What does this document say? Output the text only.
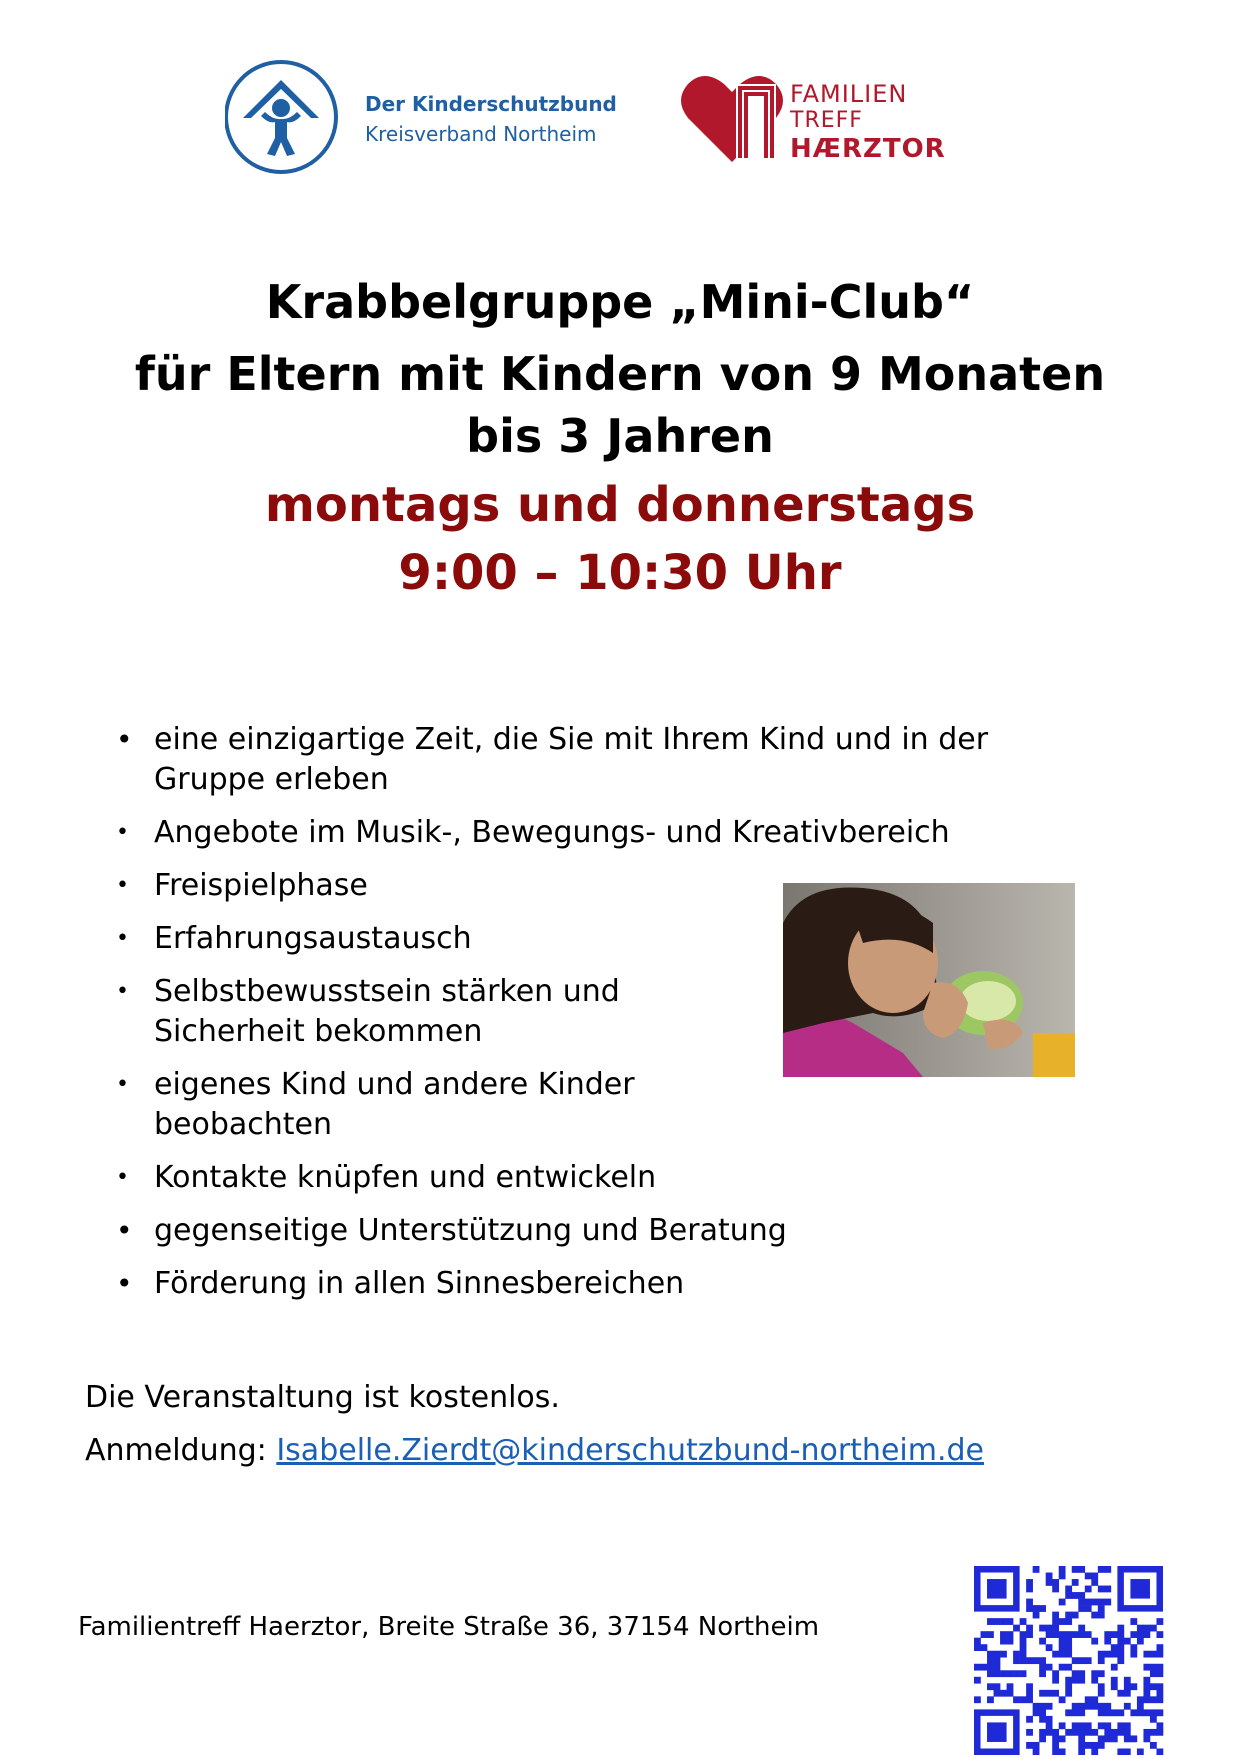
Der Kinderschutzbund
Kreisverband Northeim
FAMILIEN
TREFF
HÆRZTOR
Krabbelgruppe „Mini-Club“
für Eltern mit Kindern von 9 Monaten
bis 3 Jahren
montags und donnerstags
9:00 – 10:30 Uhr
• eine einzigartige Zeit, die Sie mit Ihrem Kind und in der
Gruppe erleben
• Angebote im Musik-, Bewegungs- und Kreativbereich
• Freispielphase
• Erfahrungsaustausch
• Selbstbewusstsein stärken und
Sicherheit bekommen
• eigenes Kind und andere Kinder
beobachten
• Kontakte knüpfen und entwickeln
• gegenseitige Unterstützung und Beratung
• Förderung in allen Sinnesbereichen
Die Veranstaltung ist kostenlos.
Anmeldung: Isabelle.Zierdt@kinderschutzbund-northeim.de
Familientreff Haerztor, Breite Straße 36, 37154 Northeim
